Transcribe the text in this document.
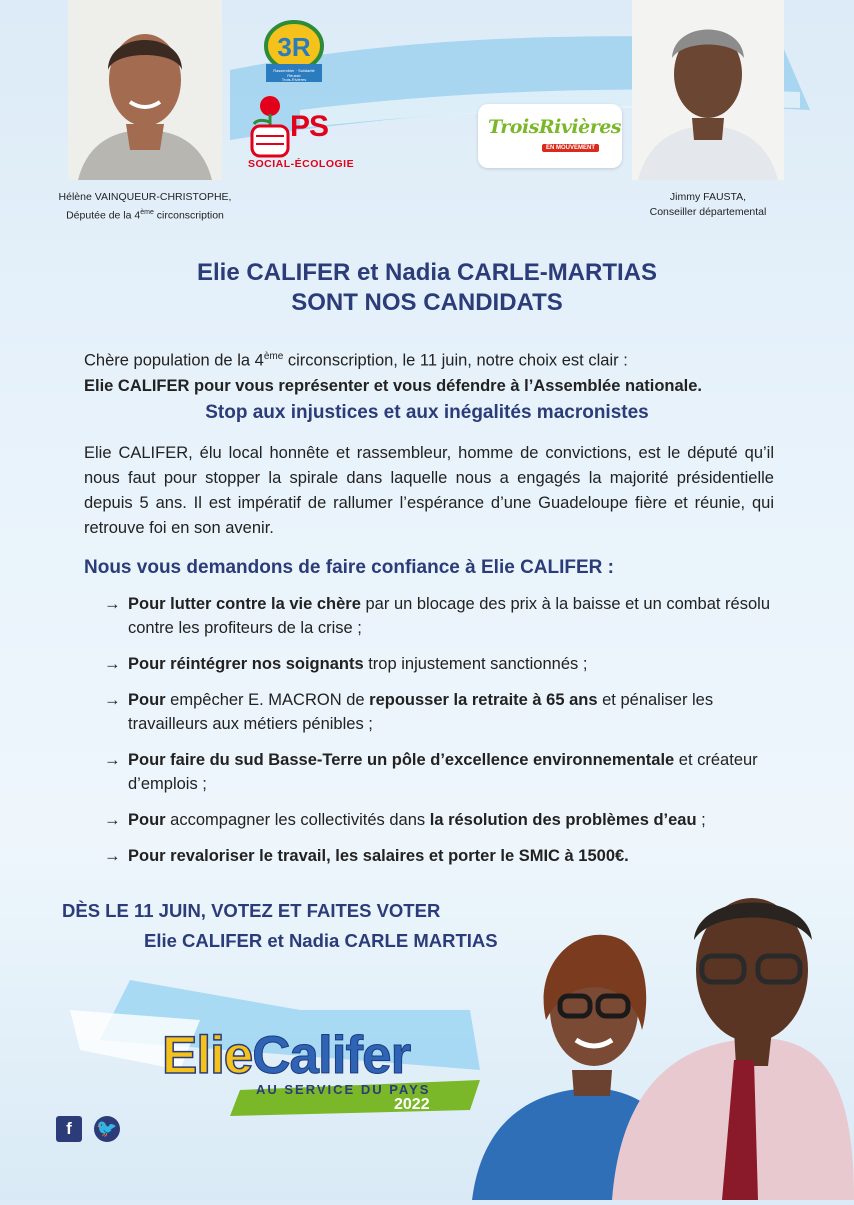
Hélène VAINQUEUR-CHRISTOPHE,
Députée de la 4ème circonscription
3R
Rassembler · Solidarité
Réussir
Trois-Rivières
PS
SOCIAL-ÉCOLOGIE
TroisRivières
EN MOUVEMENT
Jimmy FAUSTA,
Conseiller départemental
Elie CALIFER et Nadia CARLE-MARTIAS
SONT NOS CANDIDATS
Chère population de la 4ème circonscription, le 11 juin, notre choix est clair :
Elie CALIFER pour vous représenter et vous défendre à l’Assemblée nationale.
Stop aux injustices et aux inégalités macronistes
Elie CALIFER, élu local honnête et rassembleur, homme de convictions, est le député qu’il nous faut pour stopper la spirale dans laquelle nous a engagés la majorité présidentielle depuis 5 ans. Il est impératif de rallumer l’espérance d’une Guadeloupe fière et réunie, qui retrouve foi en son avenir.
Nous vous demandons de faire confiance à Elie CALIFER :
→ Pour lutter contre la vie chère par un blocage des prix à la baisse et un combat résolu contre les profiteurs de la crise ;
→ Pour réintégrer nos soignants trop injustement sanctionnés ;
→ Pour empêcher E. MACRON de repousser la retraite à 65 ans et pénaliser les travailleurs aux métiers pénibles ;
→ Pour faire du sud Basse-Terre un pôle d’excellence environnementale et créateur d’emplois ;
→ Pour accompagner les collectivités dans la résolution des problèmes d’eau ;
→ Pour revaloriser le travail, les salaires et porter le SMIC à 1500€.
DÈS LE 11 JUIN, VOTEZ ET FAITES VOTER
Elie CALIFER et Nadia CARLE MARTIAS
ElieCalifer
AU SERVICE DU PAYS
2022
f	🐦
